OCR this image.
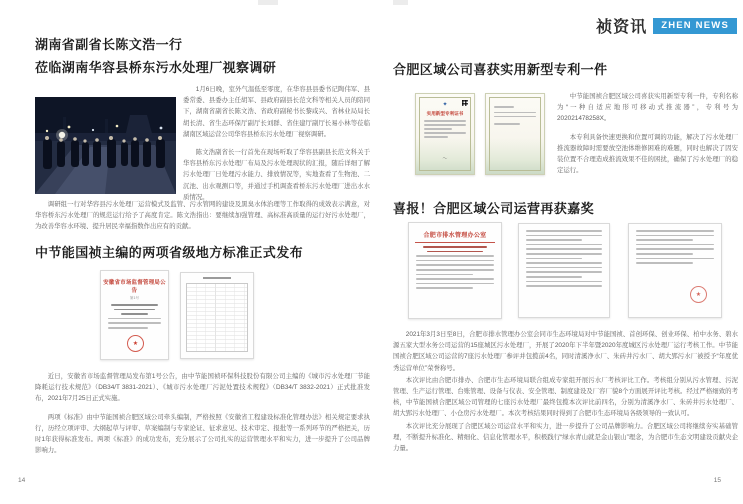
祯资讯	ZHEN NEWS
湖南省副省长陈文浩一行
莅临湖南华容县桥东污水处理厂视察调研

1月6日晚，室外气温低至零度，在华容县县委书记陶伟军、县委常委、县委办主任胡军、县政府副县长范文科等相关人员的陪同下，湖南省副省长陈文浩、省政府副秘书长黎咸兴、省林业局局长胡长清、省生态环保厅副厅长刘群、省住建厅副厅长易小林等莅临湖南区域运营公司华容县桥东污水处理厂视察调研。

陈文浩副省长一行首先在现场听取了华容县副县长范文科关于华容县桥东污水处理厂布局及污水处理现状的汇报，随后详细了解污水处理厂日处理污水能力、排放情况等，实地查看了生物池、二沉池、出水观测口等，并通过手机调查看桥东污水处理厂进出水水质情况。

调研组一行对华容县污水处理厂运营模式及监管、污水管网的建设及黑臭水体治理等工作取得的成效表示满意，对华容桥东污水处理厂的规范运行给予了高度肯定。陈文浩指出：要继续加强管理、高标准高质量的运行好污水处理厂，为改善华容水环境、提升居民幸福指数作出应有的贡献。

中节能国祯主编的两项省级地方标准正式发布
安徽省市场监督管理局公告
第1号
★

近日，安徽省市场监督管理局发布第1号公告，由中节能国祯环保科技股份有限公司主编的《城市污水处理厂节能降耗运行技术规范》（DB34/T 3831-2021）、《城市污水处理厂污泥处置技术规程》（DB34/T 3832-2021）正式批准发布，2021年7月25日正式实施。

两项《标准》由中节能国祯合肥区域公司牵头编制，严格按照《安徽省工程建设标准化管理办法》相关规定要求执行，历经立项评审、大纲起草与评审、草案编制与专家论证、征求意见、技术审定、报批等一系列环节的严格把关，历时1年获得标准发布。两项《标准》的成功发布，充分展示了公司扎实的运营管理水平和实力，进一步提升了公司品牌影响力。

14
合肥区域公司喜获实用新型专利一件
✦
实用新型专利证书
〜

中节能国祯合肥区域公司喜获实用新型专利一件，专利名称为“一种自适应地形可移动式推流器”，专利号为202021478258X。

本专利具备快速更换和位置可调的功能，解决了污水处理厂推流器故障时需要放空池体维修困难的难题，同时也解决了因安装位置不合理造成推流效果不佳的困扰，确保了污水处理厂的稳定运行。

喜报！合肥区域公司运营再获嘉奖
合肥市排水管理办公室
★

2021年3月3日至8日，合肥市排水管理办公室会同市生态环境局对中节能国祯、首创环保、创业环保、柏中水务、碧水源五家大型水务公司运营的15座城区污水处理厂，开展了2020年下半年暨2020年度城区污水处理厂运行考核工作。中节能国祯合肥区域公司运营的7座污水处理厂参评并包揽前4名，同时清溪净水厂、朱砖井污水厂、胡大郢污水厂被授予“年度优秀运营单位”荣誉称号。

本次评比由合肥市排办、合肥市生态环境局联合组成专家组开展污水厂考核评比工作。考核组分别从污水管理、污泥管理、生产运行管理、台账管理、设备与仪表、安全管理、制度建设及厂容厂貌8个方面展开评比考核。经过严格细致的考核，中节能国祯合肥区域公司管理的七座污水处理厂最终包揽本次评比前四名，分别为清溪净水厂、朱砖井污水处理厂、胡大郢污水处理厂、小仓房污水处理厂。本次考核结果同时得到了合肥市生态环境局各级领导的一致认可。

本次评比充分展现了合肥区域公司运营水平和实力，进一步提升了公司品牌影响力。合肥区域公司将继续夯实基础管理，不断提升标准化、精细化、信息化管理水平，积极践行“绿水青山就是金山银山”理念，为合肥市生态文明建设贡献央企力量。

15
